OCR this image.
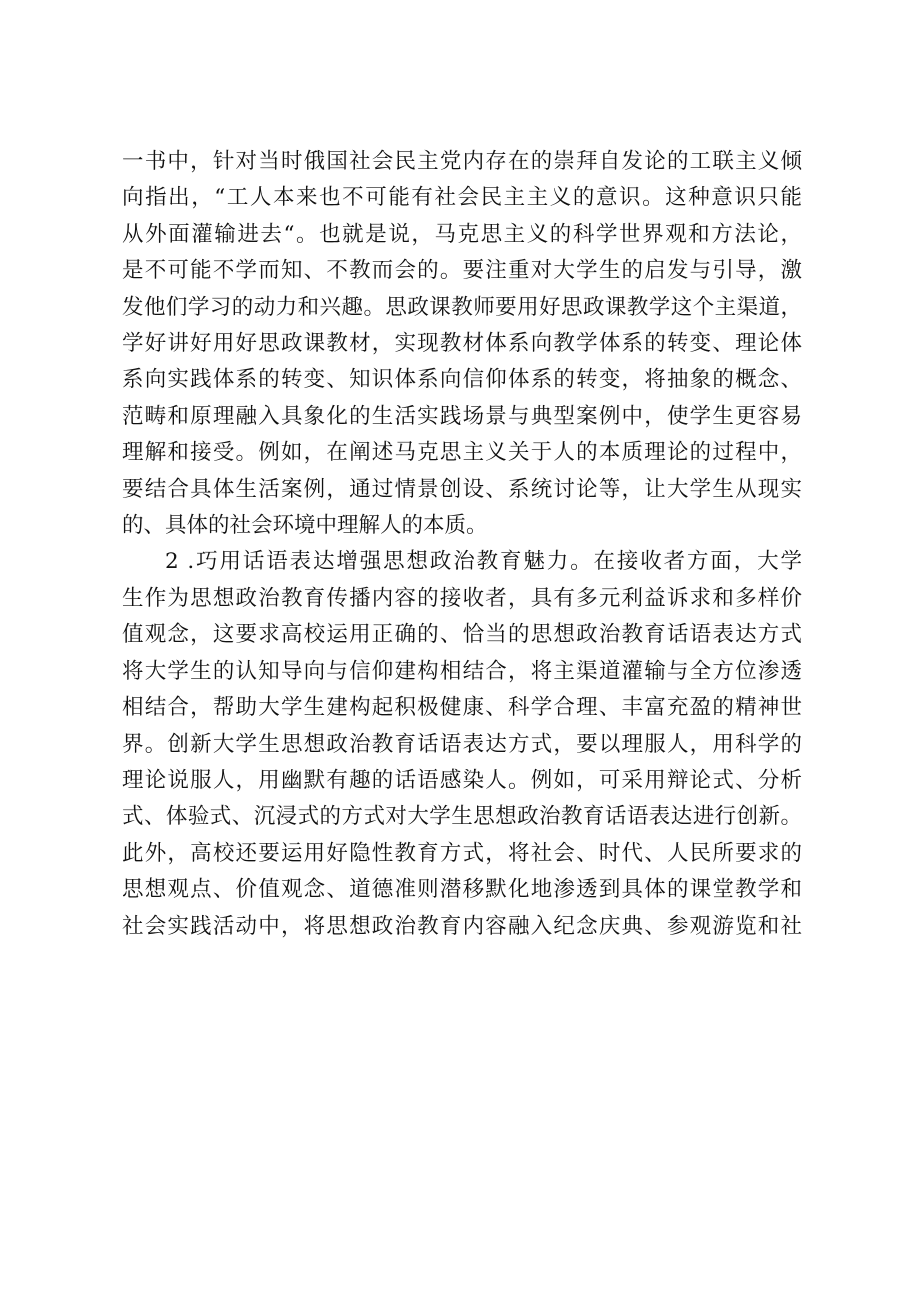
一书中，针对当时俄国社会民主党内存在的崇拜自发论的工联主义倾
向指出，“工人本来也不可能有社会民主主义的意识。这种意识只能
从外面灌输进去“。也就是说，马克思主义的科学世界观和方法论，
是不可能不学而知、不教而会的。要注重对大学生的启发与引导，激
发他们学习的动力和兴趣。思政课教师要用好思政课教学这个主渠道，
学好讲好用好思政课教材，实现教材体系向教学体系的转变、理论体
系向实践体系的转变、知识体系向信仰体系的转变，将抽象的概念、
范畴和原理融入具象化的生活实践场景与典型案例中，使学生更容易
理解和接受。例如，在阐述马克思主义关于人的本质理论的过程中，
要结合具体生活案例，通过情景创设、系统讨论等，让大学生从现实
的、具体的社会环境中理解人的本质。
2 .巧用话语表达增强思想政治教育魅力。在接收者方面，大学
生作为思想政治教育传播内容的接收者，具有多元利益诉求和多样价
值观念，这要求高校运用正确的、恰当的思想政治教育话语表达方式
将大学生的认知导向与信仰建构相结合，将主渠道灌输与全方位渗透
相结合，帮助大学生建构起积极健康、科学合理、丰富充盈的精神世
界。创新大学生思想政治教育话语表达方式，要以理服人，用科学的
理论说服人，用幽默有趣的话语感染人。例如，可采用辩论式、分析
式、体验式、沉浸式的方式对大学生思想政治教育话语表达进行创新。
此外，高校还要运用好隐性教育方式，将社会、时代、人民所要求的
思想观点、价值观念、道德准则潜移默化地渗透到具体的课堂教学和
社会实践活动中，将思想政治教育内容融入纪念庆典、参观游览和社
